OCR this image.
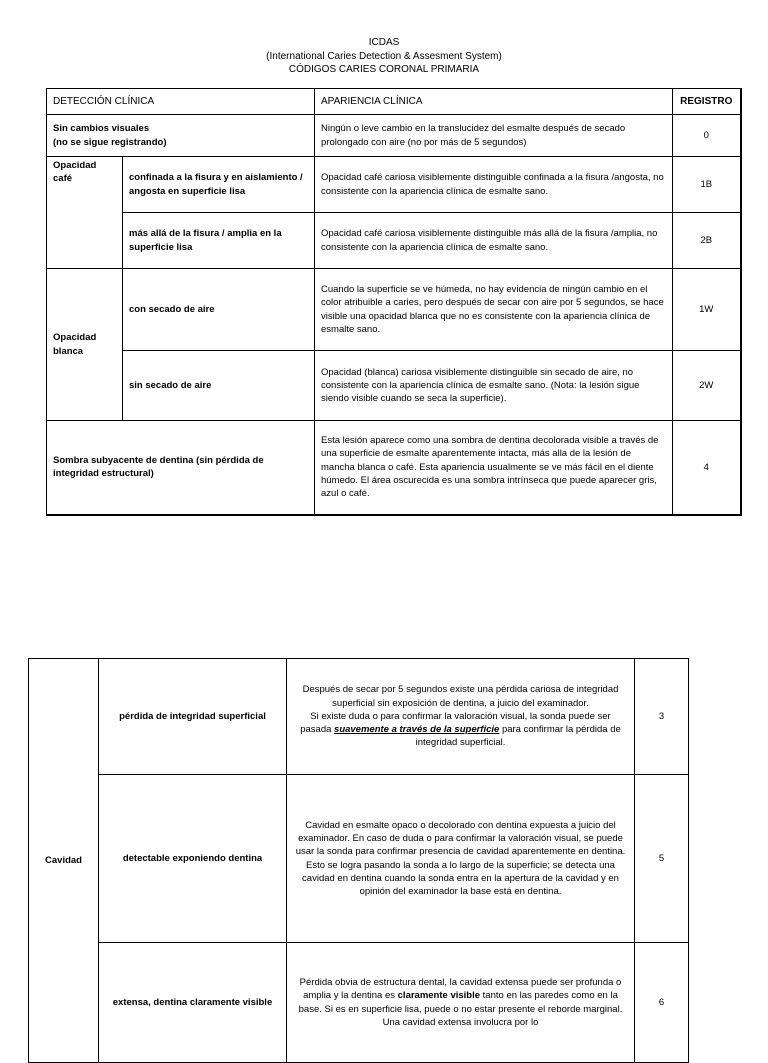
ICDAS
(International Caries Detection & Assesment System)
CÓDIGOS CARIES CORONAL PRIMARIA
DETECCIÓN CLÍNICA		APARIENCIA CLÍNICA	REGISTRO

Sin cambios visuales
(no se sigue registrando)		Ningún o leve cambio en la translucidez del esmalte después de secado prolongado con aire (no por más de 5 segundos)	0
Opacidad café	confinada a la fisura y en aislamiento / angosta en superficie lisa	Opacidad café cariosa visiblemente distinguible confinada a la fisura /angosta, no consistente con la apariencia clínica de esmalte sano.	1B
	más allá de la fisura / amplia en la superficie lisa	Opacidad café cariosa visiblemente distinguible más allá de la fisura /amplia, no consistente con la apariencia clínica de esmalte sano.	2B
Opacidad blanca	con secado de aire	Cuando la superficie se ve húmeda, no hay evidencia de ningún cambio en el color atribuible a caries, pero después de secar con aire por 5 segundos, se hace visible una opacidad blanca que no es consistente con la apariencia clínica de esmalte sano.	1W
	sin secado de aire	Opacidad (blanca) cariosa visiblemente distinguible sin secado de aire, no consistente con la apariencia clínica de esmalte sano. (Nota: la lesión sigue siendo visible cuando se seca la superficie).	2W
Sombra subyacente de dentina (sin pérdida de integridad estructural)		Esta lesión aparece como una sombra de dentina decolorada visible a través de una superficie de esmalte aparentemente intacta, más alla de la lesión de mancha blanca o café. Esta apariencia usualmente se ve más fácil en el diente húmedo. El área oscurecida es una sombra intrínseca que puede aparecer gris, azul o café.	4
Cavidad	pérdida de integridad superficial	Después de secar por 5 segundos existe una pérdida cariosa de integridad superficial sin exposición de dentina, a juicio del examinador.
Si existe duda o para confirmar la valoración visual, la sonda puede ser pasada suavemente a través de la superficie para confirmar la pérdida de integridad superficial.	3
	detectable exponiendo dentina	Cavidad en esmalte opaco o decolorado con dentina expuesta a juicio del examinador. En caso de duda o para confirmar la valoración visual, se puede usar la sonda para confirmar presencia de cavidad aparentemente en dentina. Esto se logra pasando la sonda a lo largo de la superficie; se detecta una cavidad en dentina cuando la sonda entra en la apertura de la cavidad y en opinión del examinador la base está en dentina.	5
	extensa, dentina claramente visible	Pérdida obvia de estructura dental, la cavidad extensa puede ser profunda o amplia y la dentina es claramente visible tanto en las paredes como en la base. Si es en superficie lisa, puede o no estar presente el reborde marginal. Una cavidad extensa involucra por lo	6
